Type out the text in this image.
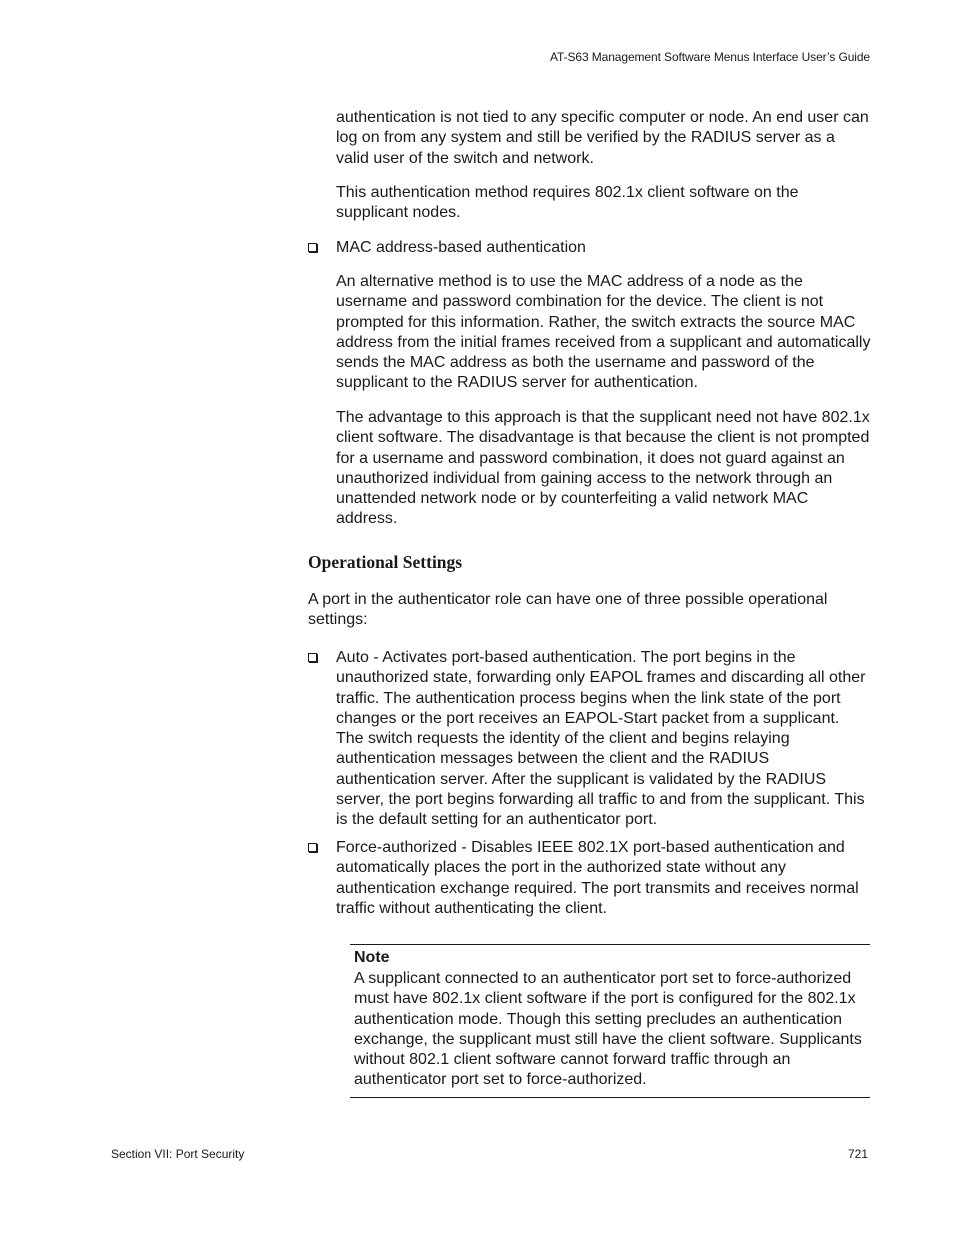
AT-S63 Management Software Menus Interface User’s Guide

authentication is not tied to any specific computer or node. An end user can log on from any system and still be verified by the RADIUS server as a valid user of the switch and network.

This authentication method requires 802.1x client software on the supplicant nodes.

MAC address-based authentication

An alternative method is to use the MAC address of a node as the username and password combination for the device. The client is not prompted for this information. Rather, the switch extracts the source MAC address from the initial frames received from a supplicant and automatically sends the MAC address as both the username and password of the supplicant to the RADIUS server for authentication.

The advantage to this approach is that the supplicant need not have 802.1x client software. The disadvantage is that because the client is not prompted for a username and password combination, it does not guard against an unauthorized individual from gaining access to the network through an unattended network node or by counterfeiting a valid network MAC address.

Operational Settings

A port in the authenticator role can have one of three possible operational settings:

Auto - Activates port-based authentication. The port begins in the unauthorized state, forwarding only EAPOL frames and discarding all other traffic. The authentication process begins when the link state of the port changes or the port receives an EAPOL-Start packet from a supplicant. The switch requests the identity of the client and begins relaying authentication messages between the client and the RADIUS authentication server. After the supplicant is validated by the RADIUS server, the port begins forwarding all traffic to and from the supplicant. This is the default setting for an authenticator port.
Force-authorized - Disables IEEE 802.1X port-based authentication and automatically places the port in the authorized state without any authentication exchange required. The port transmits and receives normal traffic without authenticating the client.
Note

A supplicant connected to an authenticator port set to force-authorized must have 802.1x client software if the port is configured for the 802.1x authentication mode. Though this setting precludes an authentication exchange, the supplicant must still have the client software. Supplicants without 802.1 client software cannot forward traffic through an authenticator port set to force-authorized.

Section VII: Port Security	721
